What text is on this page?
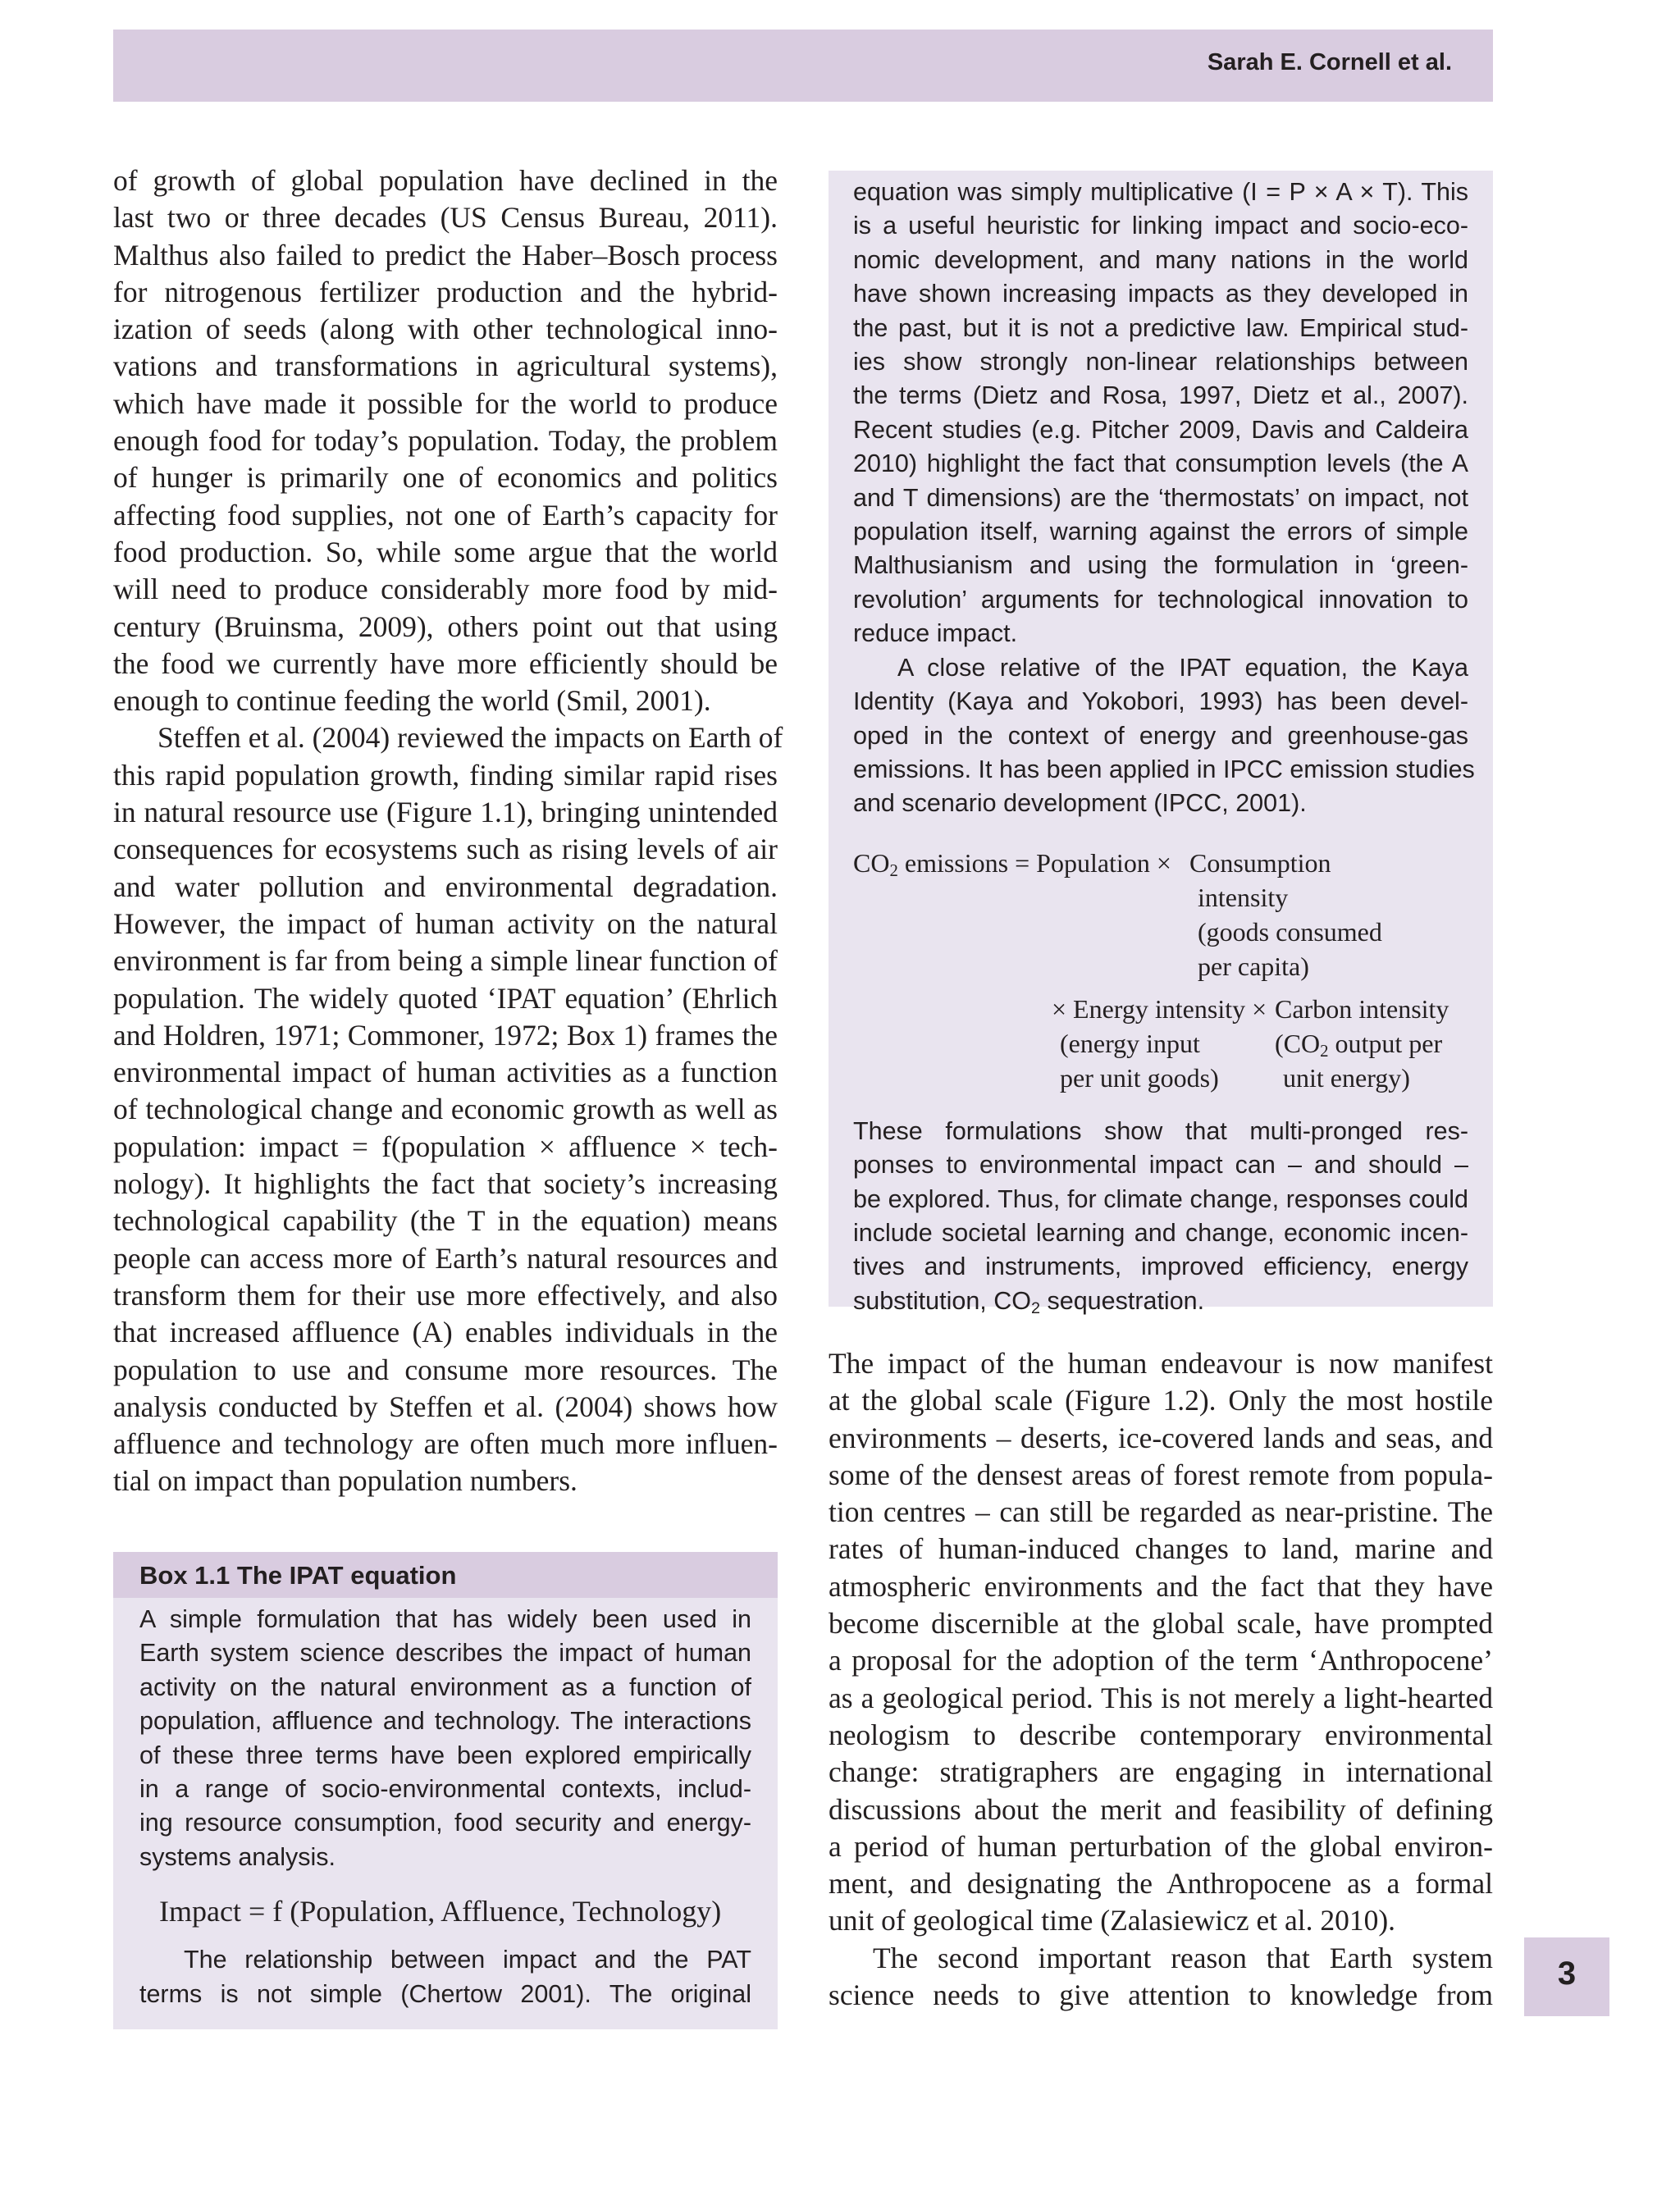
Sarah E. Cornell et al.
of growth of global population have declined in the
last two or three decades (US Census Bureau, 2011).
Malthus also failed to predict the Haber–Bosch process
for nitrogenous fertilizer production and the hybrid-
ization of seeds (along with other technological inno-
vations and transformations in agricultural systems),
which have made it possible for the world to produce
enough food for today’s population. Today, the problem
of hunger is primarily one of economics and politics
affecting food supplies, not one of Earth’s capacity for
food production. So, while some argue that the world
will need to produce considerably more food by mid-
century (Bruinsma, 2009), others point out that using
the food we currently have more efficiently should be
enough to continue feeding the world (Smil, 2001).
Steffen et al. (2004) reviewed the impacts on Earth of
this rapid population growth, finding similar rapid rises
in natural resource use (Figure 1.1), bringing unintended
consequences for ecosystems such as rising levels of air
and water pollution and environmental degradation.
However, the impact of human activity on the natural
environment is far from being a simple linear function of
population. The widely quoted ‘IPAT equation’ (Ehrlich
and Holdren, 1971; Commoner, 1972; Box 1) frames the
environmental impact of human activities as a function
of technological change and economic growth as well as
population: impact = f(population × affluence × tech-
nology). It highlights the fact that society’s increasing
technological capability (the T in the equation) means
people can access more of Earth’s natural resources and
transform them for their use more effectively, and also
that increased affluence (A) enables individuals in the
population to use and consume more resources. The
analysis conducted by Steffen et al. (2004) shows how
affluence and technology are often much more influen-
tial on impact than population numbers.
equation was simply multiplicative (I = P × A × T). This
is a useful heuristic for linking impact and socio-eco-
nomic development, and many nations in the world
have shown increasing impacts as they developed in
the past, but it is not a predictive law. Empirical stud-
ies show strongly non-linear relationships between
the terms (Dietz and Rosa, 1997, Dietz et al., 2007).
Recent studies (e.g. Pitcher 2009, Davis and Caldeira
2010) highlight the fact that consumption levels (the A
and T dimensions) are the ‘thermostats’ on impact, not
population itself, warning against the errors of simple
Malthusianism and using the formulation in ‘green-
revolution’ arguments for technological innovation to
reduce impact.
A close relative of the IPAT equation, the Kaya
Identity (Kaya and Yokobori, 1993) has been devel-
oped in the context of energy and greenhouse-gas
emissions. It has been applied in IPCC emission studies
and scenario development (IPCC, 2001).
$CO_2$ emissions = Population × Consumption
intensity
(goods consumed
per capita)
× Energy intensity ×
(energy input
per unit goods)
Carbon intensity
($CO_2$ output per
unit energy)
These formulations show that multi-pronged res-
ponses to environmental impact can – and should –
be explored. Thus, for climate change, responses could
include societal learning and change, economic incen-
tives and instruments, improved efficiency, energy
substitution, $CO_2$ sequestration.
The impact of the human endeavour is now manifest
at the global scale (Figure 1.2). Only the most hostile
environments – deserts, ice-covered lands and seas, and
some of the densest areas of forest remote from popula-
tion centres – can still be regarded as near-pristine. The
rates of human-induced changes to land, marine and
atmospheric environments and the fact that they have
become discernible at the global scale, have prompted
a proposal for the adoption of the term ‘Anthropocene’
as a geological period. This is not merely a light-hearted
neologism to describe contemporary environmental
change: stratigraphers are engaging in international
discussions about the merit and feasibility of defining
a period of human perturbation of the global environ-
ment, and designating the Anthropocene as a formal
unit of geological time (Zalasiewicz et al. 2010).
The second important reason that Earth system
science needs to give attention to knowledge from
Box 1.1 The IPAT equation
A simple formulation that has widely been used in
Earth system science describes the impact of human
activity on the natural environment as a function of
population, affluence and technology. The interactions
of these three terms have been explored empirically
in a range of socio-environmental contexts, includ-
ing resource consumption, food security and energy-
systems analysis.
Impact = f (Population, Affluence, Technology)
The relationship between impact and the PAT
terms is not simple (Chertow 2001). The original
3
